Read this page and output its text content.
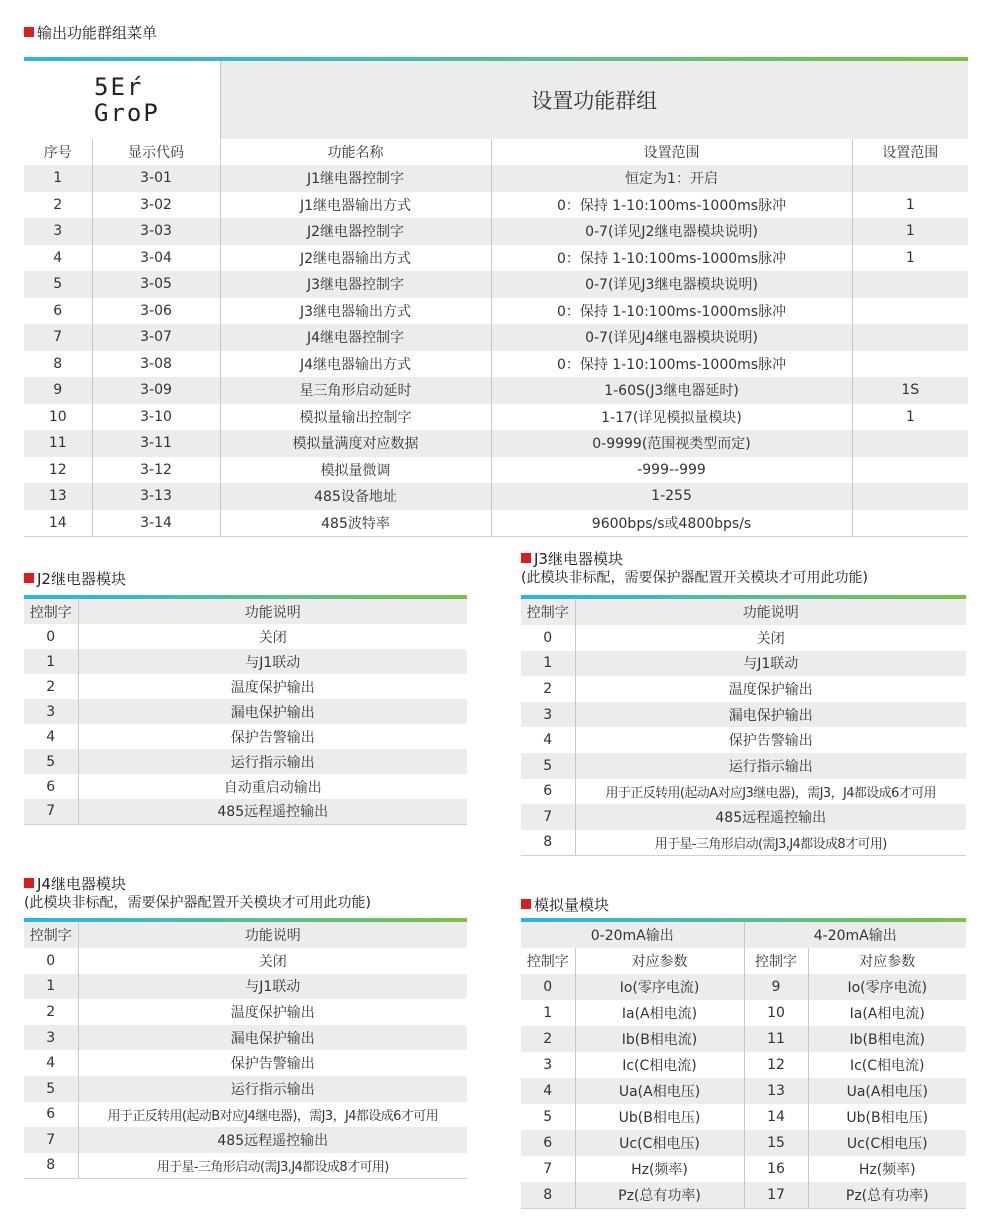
输出功能群组菜单
5Eŕ
GroP		设置功能群组		
序号	显示代码	功能名称	设置范围	设置范围
1	3-01	J1继电器控制字	恒定为1：开启	
2	3-02	J1继电器输出方式	0：保持 1-10:100ms-1000ms脉冲	1
3	3-03	J2继电器控制字	0-7(详见J2继电器模块说明)	1
4	3-04	J2继电器输出方式	0：保持 1-10:100ms-1000ms脉冲	1
5	3-05	J3继电器控制字	0-7(详见J3继电器模块说明)	
6	3-06	J3继电器输出方式	0：保持 1-10:100ms-1000ms脉冲	
7	3-07	J4继电器控制字	0-7(详见J4继电器模块说明)	
8	3-08	J4继电器输出方式	0：保持 1-10:100ms-1000ms脉冲	
9	3-09	星三角形启动延时	1-60S(J3继电器延时)	1S
10	3-10	模拟量输出控制字	1-17(详见模拟量模块)	1
11	3-11	模拟量满度对应数据	0-9999(范围视类型而定)	
12	3-12	模拟量微调	-999--999	
13	3-13	485设备地址	1-255	
14	3-14	485波特率	9600bps/s或4800bps/s	
J2继电器模块
控制字	功能说明
0	关闭
1	与J1联动
2	温度保护输出
3	漏电保护输出
4	保护告警输出
5	运行指示输出
6	自动重启动输出
7	485远程遥控输出
J3继电器模块
(此模块非标配，需要保护器配置开关模块才可用此功能)
控制字	功能说明
0	关闭
1	与J1联动
2	温度保护输出
3	漏电保护输出
4	保护告警输出
5	运行指示输出
6	用于正反转用(起动A对应J3继电器)，需J3，J4都设成6才可用
7	485远程遥控输出
8	用于星-三角形启动(需J3,J4都设成8才可用)
J4继电器模块
(此模块非标配，需要保护器配置开关模块才可用此功能)
控制字	功能说明
0	关闭
1	与J1联动
2	温度保护输出
3	漏电保护输出
4	保护告警输出
5	运行指示输出
6	用于正反转用(起动B对应J4继电器)，需J3，J4都设成6才可用
7	485远程遥控输出
8	用于星-三角形启动(需J3,J4都设成8才可用)
模拟量模块
0-20mA输出		4-20mA输出	
控制字	对应参数	控制字	对应参数
0	Io(零序电流)	9	Io(零序电流)
1	Ia(A相电流)	10	Ia(A相电流)
2	Ib(B相电流)	11	Ib(B相电流)
3	Ic(C相电流)	12	Ic(C相电流)
4	Ua(A相电压)	13	Ua(A相电压)
5	Ub(B相电压)	14	Ub(B相电压)
6	Uc(C相电压)	15	Uc(C相电压)
7	Hz(频率)	16	Hz(频率)
8	Pz(总有功率)	17	Pz(总有功率)
